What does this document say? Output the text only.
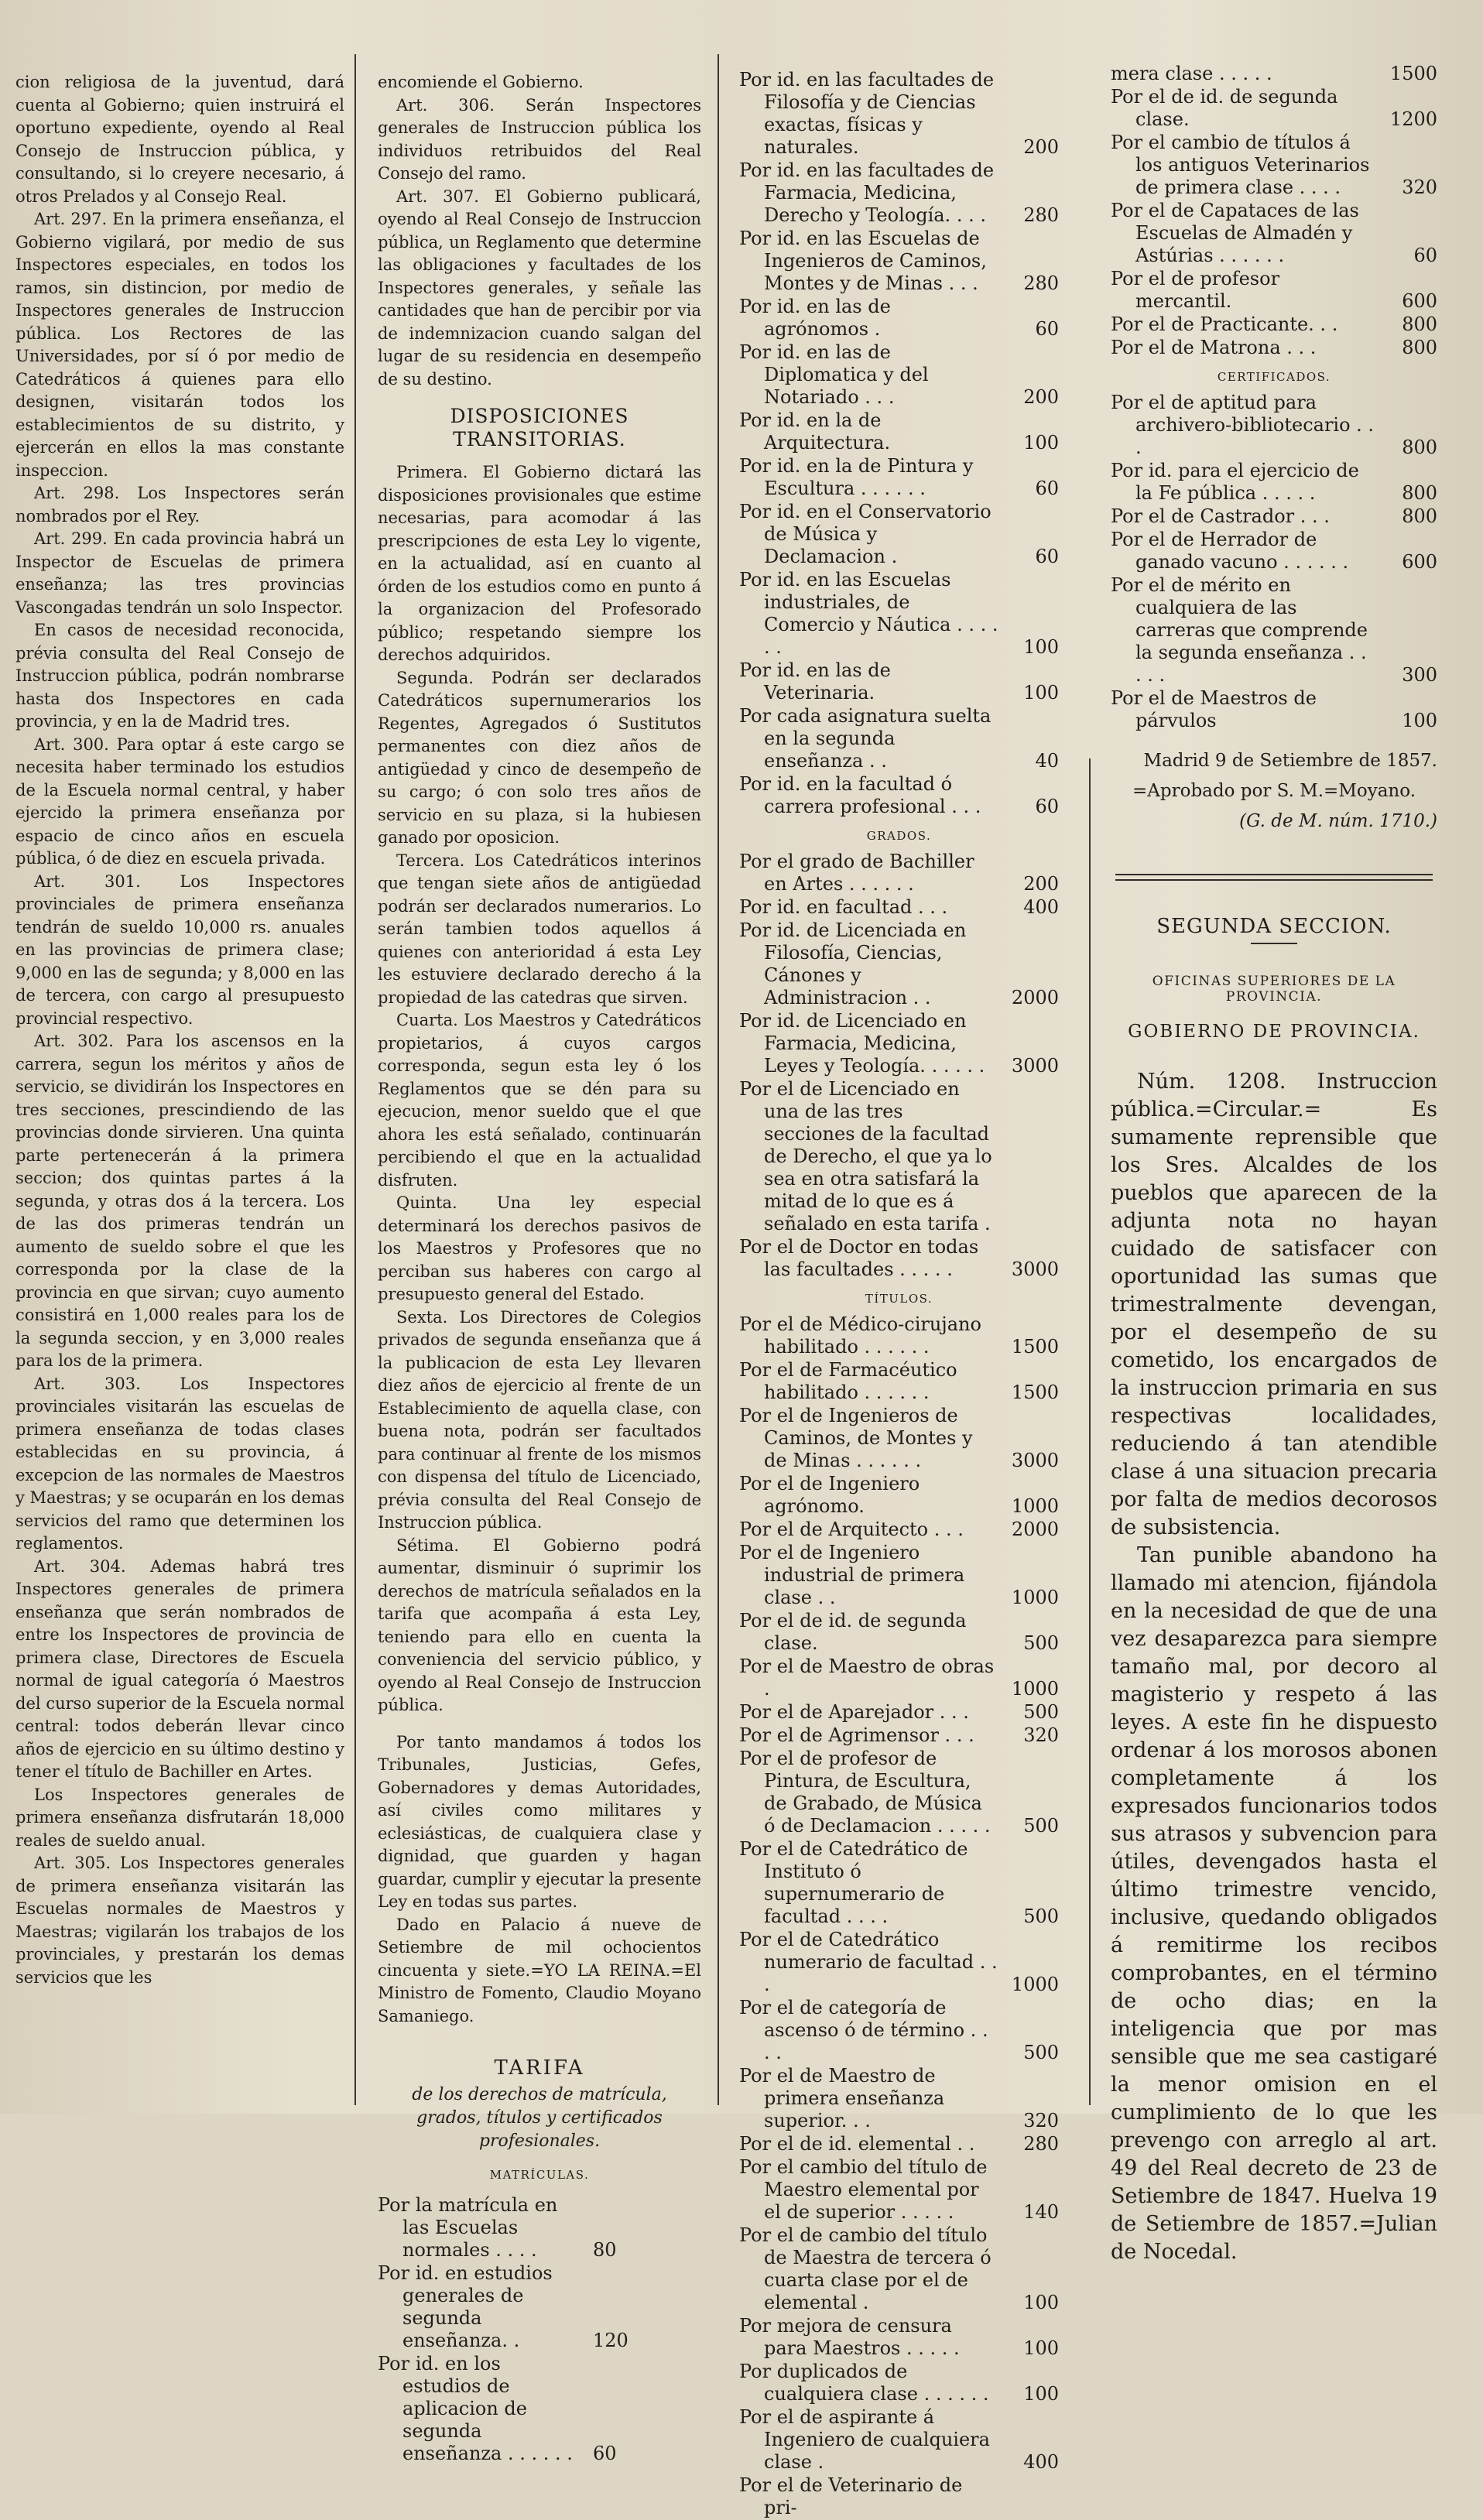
cion religiosa de la juventud, dará cuenta al Gobierno; quien instruirá el oportuno expediente, oyendo al Real Consejo de Instruccion pública, y consultando, si lo creyere necesario, á otros Prelados y al Consejo Real.

Art. 297. En la primera enseñanza, el Gobierno vigilará, por medio de sus Inspectores especiales, en todos los ramos, sin distincion, por medio de Inspectores generales de Instruccion pública. Los Rectores de las Universidades, por sí ó por medio de Catedráticos á quienes para ello designen, visitarán todos los establecimientos de su distrito, y ejercerán en ellos la mas constante inspeccion.

Art. 298. Los Inspectores serán nombrados por el Rey.

Art. 299. En cada provincia habrá un Inspector de Escuelas de primera enseñanza; las tres provincias Vascongadas tendrán un solo Inspector.

En casos de necesidad reconocida, prévia consulta del Real Consejo de Instruccion pública, podrán nombrarse hasta dos Inspectores en cada provincia, y en la de Madrid tres.

Art. 300. Para optar á este cargo se necesita haber terminado los estudios de la Escuela normal central, y haber ejercido la primera enseñanza por espacio de cinco años en escuela pública, ó de diez en escuela privada.

Art. 301. Los Inspectores provinciales de primera enseñanza tendrán de sueldo 10,000 rs. anuales en las provincias de primera clase; 9,000 en las de segunda; y 8,000 en las de tercera, con cargo al presupuesto provincial respectivo.

Art. 302. Para los ascensos en la carrera, segun los méritos y años de servicio, se dividirán los Inspectores en tres secciones, prescindiendo de las provincias donde sirvieren. Una quinta parte pertenecerán á la primera seccion; dos quintas partes á la segunda, y otras dos á la tercera. Los de las dos primeras tendrán un aumento de sueldo sobre el que les corresponda por la clase de la provincia en que sirvan; cuyo aumento consistirá en 1,000 reales para los de la segunda seccion, y en 3,000 reales para los de la primera.

Art. 303. Los Inspectores provinciales visitarán las escuelas de primera enseñanza de todas clases establecidas en su provincia, á excepcion de las normales de Maestros y Maestras; y se ocuparán en los demas servicios del ramo que determinen los reglamentos.

Art. 304. Ademas habrá tres Inspectores generales de primera enseñanza que serán nombrados de entre los Inspectores de provincia de primera clase, Directores de Escuela normal de igual categoría ó Maestros del curso superior de la Escuela normal central: todos deberán llevar cinco años de ejercicio en su último destino y tener el título de Bachiller en Artes.

Los Inspectores generales de primera enseñanza disfrutarán 18,000 reales de sueldo anual.

Art. 305. Los Inspectores generales de primera enseñanza visitarán las Escuelas normales de Maestros y Maestras; vigilarán los trabajos de los provinciales, y prestarán los demas servicios que les

encomiende el Gobierno.

Art. 306. Serán Inspectores generales de Instruccion pública los individuos retribuidos del Real Consejo del ramo.

Art. 307. El Gobierno publicará, oyendo al Real Consejo de Instruccion pública, un Reglamento que determine las obligaciones y facultades de los Inspectores generales, y señale las cantidades que han de percibir por via de indemnizacion cuando salgan del lugar de su residencia en desempeño de su destino.

DISPOSICIONES TRANSITORIAS.

Primera. El Gobierno dictará las disposiciones provisionales que estime necesarias, para acomodar á las prescripciones de esta Ley lo vigente, en la actualidad, así en cuanto al órden de los estudios como en punto á la organizacion del Profesorado público; respetando siempre los derechos adquiridos.

Segunda. Podrán ser declarados Catedráticos supernumerarios los Regentes, Agregados ó Sustitutos permanentes con diez años de antigüedad y cinco de desempeño de su cargo; ó con solo tres años de servicio en su plaza, si la hubiesen ganado por oposicion.

Tercera. Los Catedráticos interinos que tengan siete años de antigüedad podrán ser declarados numerarios. Lo serán tambien todos aquellos á quienes con anterioridad á esta Ley les estuviere declarado derecho á la propiedad de las catedras que sirven.

Cuarta. Los Maestros y Catedráticos propietarios, á cuyos cargos corresponda, segun esta ley ó los Reglamentos que se dén para su ejecucion, menor sueldo que el que ahora les está señalado, continuarán percibiendo el que en la actualidad disfruten.

Quinta. Una ley especial determinará los derechos pasivos de los Maestros y Profesores que no perciban sus haberes con cargo al presupuesto general del Estado.

Sexta. Los Directores de Colegios privados de segunda enseñanza que á la publicacion de esta Ley llevaren diez años de ejercicio al frente de un Establecimiento de aquella clase, con buena nota, podrán ser facultados para continuar al frente de los mismos con dispensa del título de Licenciado, prévia consulta del Real Consejo de Instruccion pública.

Sétima. El Gobierno podrá aumentar, disminuir ó suprimir los derechos de matrícula señalados en la tarifa que acompaña á esta Ley, teniendo para ello en cuenta la conveniencia del servicio público, y oyendo al Real Consejo de Instruccion pública.

Por tanto mandamos á todos los Tribunales, Justicias, Gefes, Gobernadores y demas Autoridades, así civiles como militares y eclesiásticas, de cualquiera clase y dignidad, que guarden y hagan guardar, cumplir y ejecutar la presente Ley en todas sus partes.

Dado en Palacio á nueve de Setiembre de mil ochocientos cincuenta y siete.=YO LA REINA.=El Ministro de Fomento, Claudio Moyano Samaniego.

TARIFA
de los derechos de matrícula, grados, títulos y certificados profesionales.
MATRÍCULAS.
Por la matrícula en las Escuelas normales . . . .	80
Por id. en estudios generales de segunda enseñanza. .	120
Por id. en los estudios de aplicacion de segunda enseñanza . . . . . .	60
Por id. en las facultades de Filosofía y de Ciencias exactas, físicas y naturales.	200
Por id. en las facultades de Farmacia, Medicina, Derecho y Teología. . . .	280
Por id. en las Escuelas de Ingenieros de Caminos, Montes y de Minas . . .	280
Por id. en las de agrónomos .	60
Por id. en las de Diplomatica y del Notariado . . .	200
Por id. en la de Arquitectura.	100
Por id. en la de Pintura y Escultura . . . . . .	60
Por id. en el Conservatorio de Música y Declamacion .	60
Por id. en las Escuelas industriales, de Comercio y Náutica . . . . . .	100
Por id. en las de Veterinaria.	100
Por cada asignatura suelta en la segunda enseñanza . .	40
Por id. en la facultad ó carrera profesional . . .	60
GRADOS.
Por el grado de Bachiller en Artes . . . . . .	200
Por id. en facultad . . .	400
Por id. de Licenciada en Filosofía, Ciencias, Cánones y Administracion . .	2000
Por id. de Licenciado en Farmacia, Medicina, Leyes y Teología. . . . . .	3000
Por el de Licenciado en una de las tres secciones de la facultad de Derecho, el que ya lo sea en otra satisfará la mitad de lo que es á señalado en esta tarifa .
Por el de Doctor en todas las facultades . . . . .	3000
TÍTULOS.
Por el de Médico-cirujano habilitado . . . . . .	1500
Por el de Farmacéutico habilitado . . . . . .	1500
Por el de Ingenieros de Caminos, de Montes y de Minas . . . . . .	3000
Por el de Ingeniero agrónomo.	1000
Por el de Arquitecto . . .	2000
Por el de Ingeniero industrial de primera clase . .	1000
Por el de id. de segunda clase.	500
Por el de Maestro de obras .	1000
Por el de Aparejador . . .	500
Por el de Agrimensor . . .	320
Por el de profesor de Pintura, de Escultura, de Grabado, de Música ó de Declamacion . . . . .	500
Por el de Catedrático de Instituto ó supernumerario de facultad . . . .	500
Por el de Catedrático numerario de facultad . . .	1000
Por el de categoría de ascenso ó de término . . . .	500
Por el de Maestro de primera enseñanza superior. . .	320
Por el de id. elemental . .	280
Por el cambio del título de Maestro elemental por el de superior . . . . .	140
Por el de cambio del título de Maestra de tercera ó cuarta clase por el de elemental .	100
Por mejora de censura para Maestros . . . . .	100
Por duplicados de cualquiera clase . . . . . .	100
Por el de aspirante á Ingeniero de cualquiera clase .	400
Por el de Veterinario de pri-
mera clase . . . . .	1500
Por el de id. de segunda clase.	1200
Por el cambio de títulos á los antiguos Veterinarios de primera clase . . . .	320
Por el de Capataces de las Escuelas de Almadén y Astúrias . . . . . .	60
Por el de profesor mercantil.	600
Por el de Practicante. . .	800
Por el de Matrona . . .	800
CERTIFICADOS.
Por el de aptitud para archivero-bibliotecario . . .	800
Por id. para el ejercicio de la Fe pública . . . . .	800
Por el de Castrador . . .	800
Por el de Herrador de ganado vacuno . . . . . .	600
Por el de mérito en cualquiera de las carreras que comprende la segunda enseñanza . . . . .	300
Por el de Maestros de párvulos	100
Madrid 9 de Setiembre de 1857.
=Aprobado por S. M.=Moyano.
(G. de M. núm. 1710.)
SEGUNDA SECCION.
OFICINAS SUPERIORES DE LA PROVINCIA.
GOBIERNO DE PROVINCIA.

Núm. 1208. Instruccion pública.=Circular.= Es sumamente reprensible que los Sres. Alcaldes de los pueblos que aparecen de la adjunta nota no hayan cuidado de satisfacer con oportunidad las sumas que trimestralmente devengan, por el desempeño de su cometido, los encargados de la instruccion primaria en sus respectivas localidades, reduciendo á tan atendible clase á una situacion precaria por falta de medios decorosos de subsistencia.

Tan punible abandono ha llamado mi atencion, fijándola en la necesidad de que de una vez desaparezca para siempre tamaño mal, por decoro al magisterio y respeto á las leyes. A este fin he dispuesto ordenar á los morosos abonen completamente á los expresados funcionarios todos sus atrasos y subvencion para útiles, devengados hasta el último trimestre vencido, inclusive, quedando obligados á remitirme los recibos comprobantes, en el término de ocho dias; en la inteligencia que por mas sensible que me sea castigaré la menor omision en el cumplimiento de lo que les prevengo con arreglo al art. 49 del Real decreto de 23 de Setiembre de 1847. Huelva 19 de Setiembre de 1857.=Julian de Nocedal.
